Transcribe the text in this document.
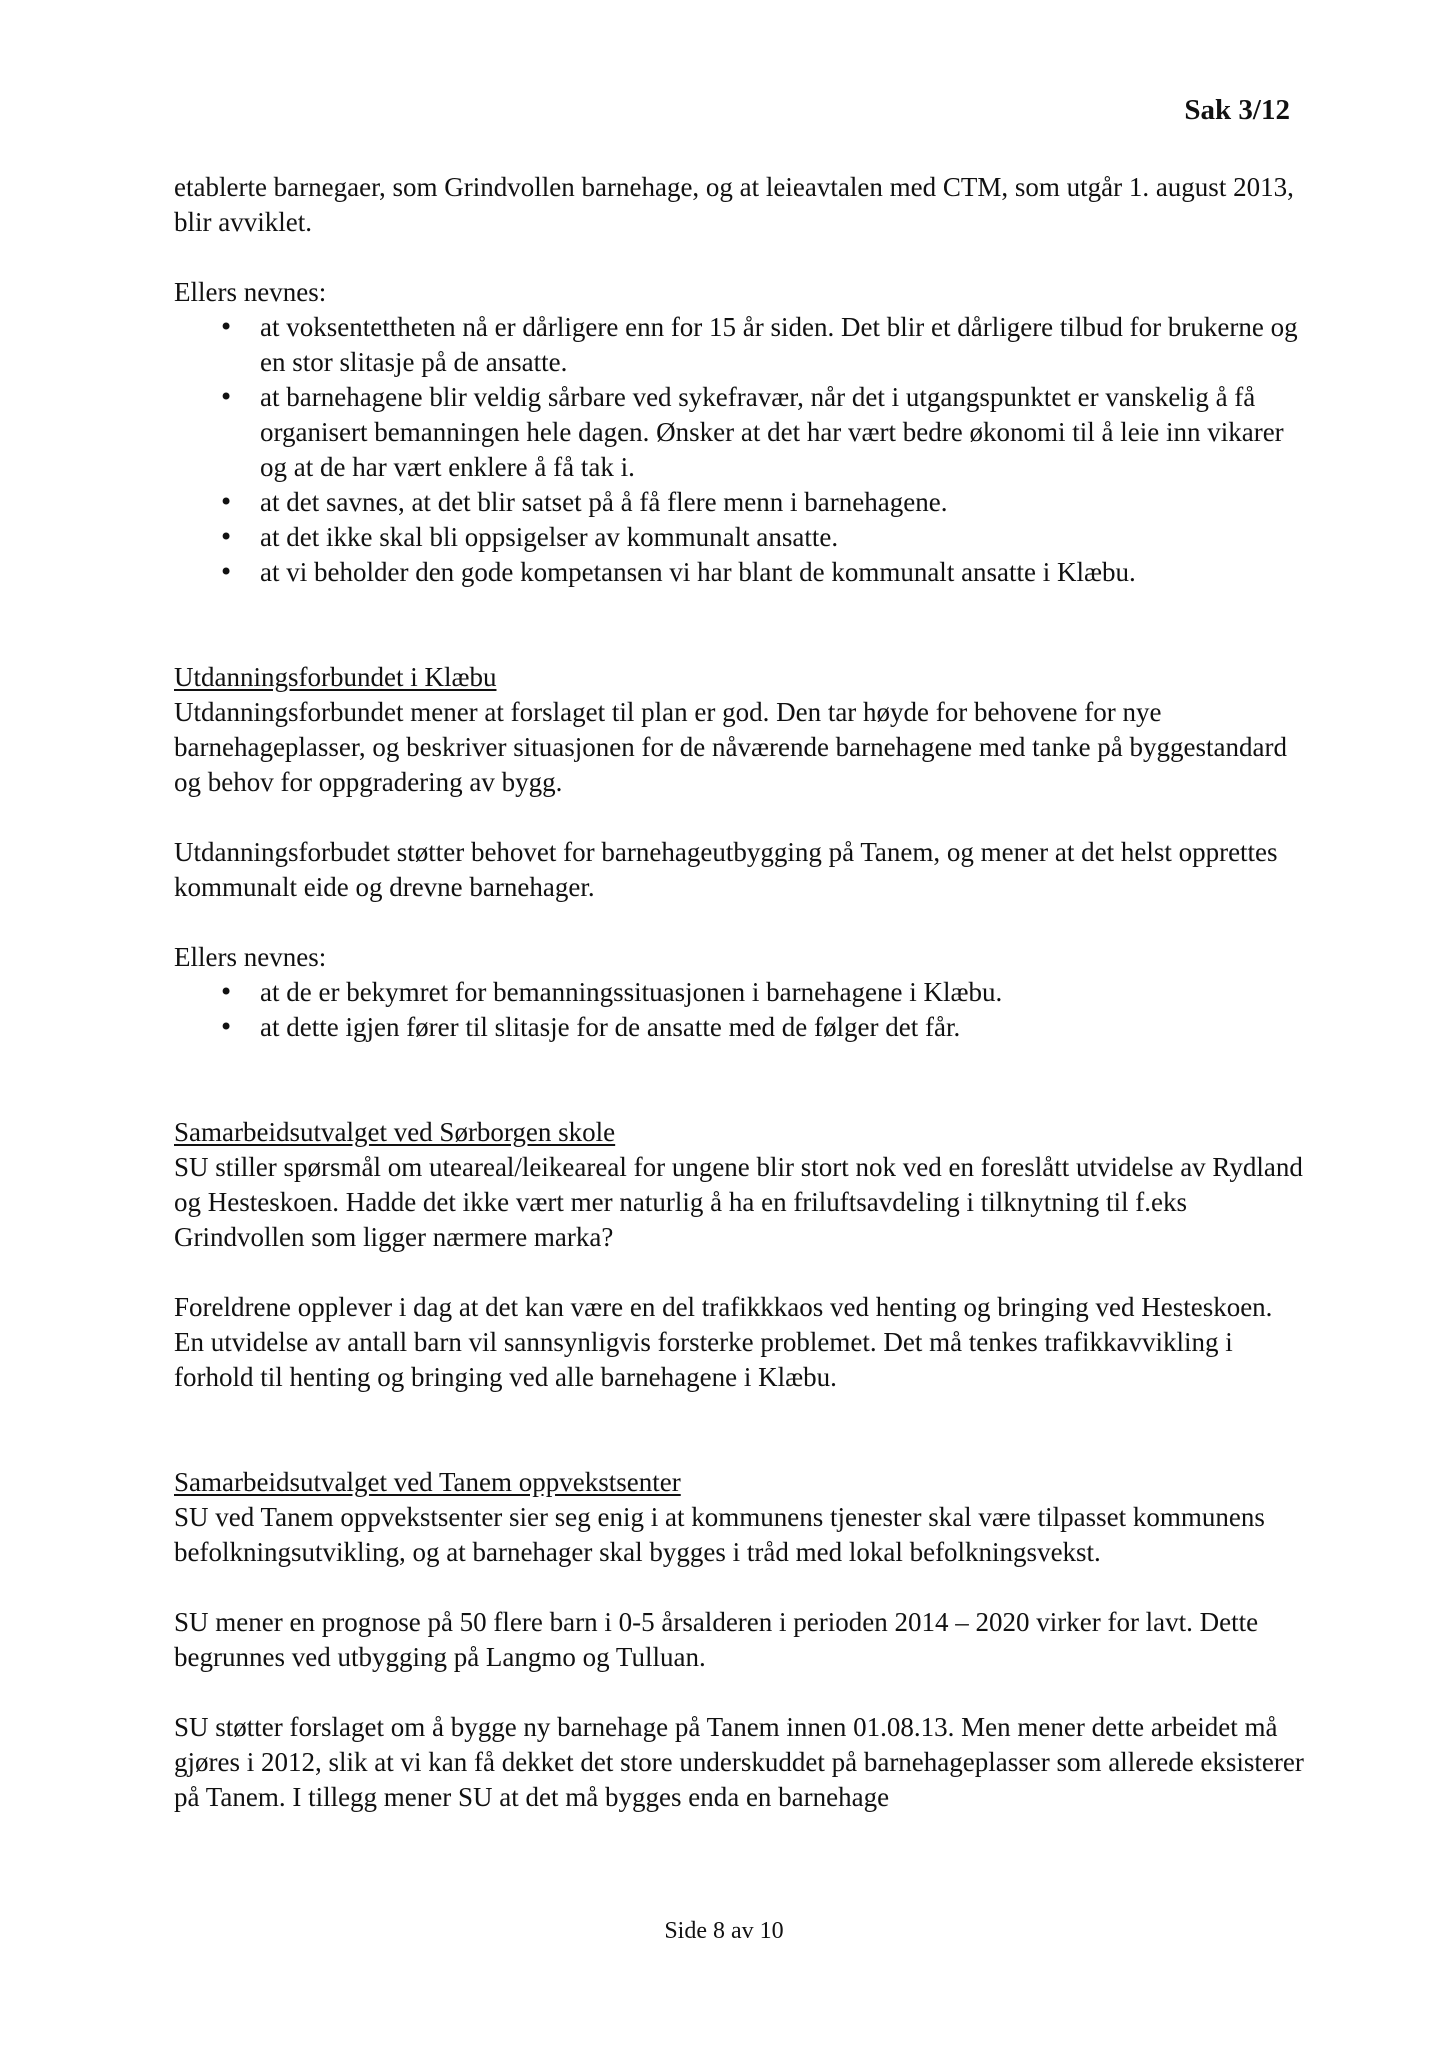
Sak 3/12

etablerte barnegaer, som Grindvollen barnehage, og at leieavtalen med CTM, som utgår 1. august 2013, blir avviklet.

Ellers nevnes:

• at voksentettheten nå er dårligere enn for 15 år siden. Det blir et dårligere tilbud for brukerne og en stor slitasje på de ansatte.
• at barnehagene blir veldig sårbare ved sykefravær, når det i utgangspunktet er vanskelig å få organisert bemanningen hele dagen. Ønsker at det har vært bedre økonomi til å leie inn vikarer og at de har vært enklere å få tak i.
• at det savnes, at det blir satset på å få flere menn i barnehagene.
• at det ikke skal bli oppsigelser av kommunalt ansatte.
• at vi beholder den gode kompetansen vi har blant de kommunalt ansatte i Klæbu.
Utdanningsforbundet i Klæbu

Utdanningsforbundet mener at forslaget til plan er god. Den tar høyde for behovene for nye barnehageplasser, og beskriver situasjonen for de nåværende barnehagene med tanke på byggestandard og behov for oppgradering av bygg.

Utdanningsforbudet støtter behovet for barnehageutbygging på Tanem, og mener at det helst opprettes kommunalt eide og drevne barnehager.

Ellers nevnes:

• at de er bekymret for bemanningssituasjonen i barnehagene i Klæbu.
• at dette igjen fører til slitasje for de ansatte med de følger det får.
Samarbeidsutvalget ved Sørborgen skole

SU stiller spørsmål om uteareal/leikeareal for ungene blir stort nok ved en foreslått utvidelse av Rydland og Hesteskoen. Hadde det ikke vært mer naturlig å ha en friluftsavdeling i tilknytning til f.eks Grindvollen som ligger nærmere marka?

Foreldrene opplever i dag at det kan være en del trafikkkaos ved henting og bringing ved Hesteskoen. En utvidelse av antall barn vil sannsynligvis forsterke problemet. Det må tenkes trafikkavvikling i forhold til henting og bringing ved alle barnehagene i Klæbu.

Samarbeidsutvalget ved Tanem oppvekstsenter

SU ved Tanem oppvekstsenter sier seg enig i at kommunens tjenester skal være tilpasset kommunens befolkningsutvikling, og at barnehager skal bygges i tråd med lokal befolkningsvekst.

SU mener en prognose på 50 flere barn i 0-5 årsalderen i perioden 2014 – 2020 virker for lavt. Dette begrunnes ved utbygging på Langmo og Tulluan.

SU støtter forslaget om å bygge ny barnehage på Tanem innen 01.08.13. Men mener dette arbeidet må gjøres i 2012, slik at vi kan få dekket det store underskuddet på barnehageplasser som allerede eksisterer på Tanem. I tillegg mener SU at det må bygges enda en barnehage

Side 8 av 10
